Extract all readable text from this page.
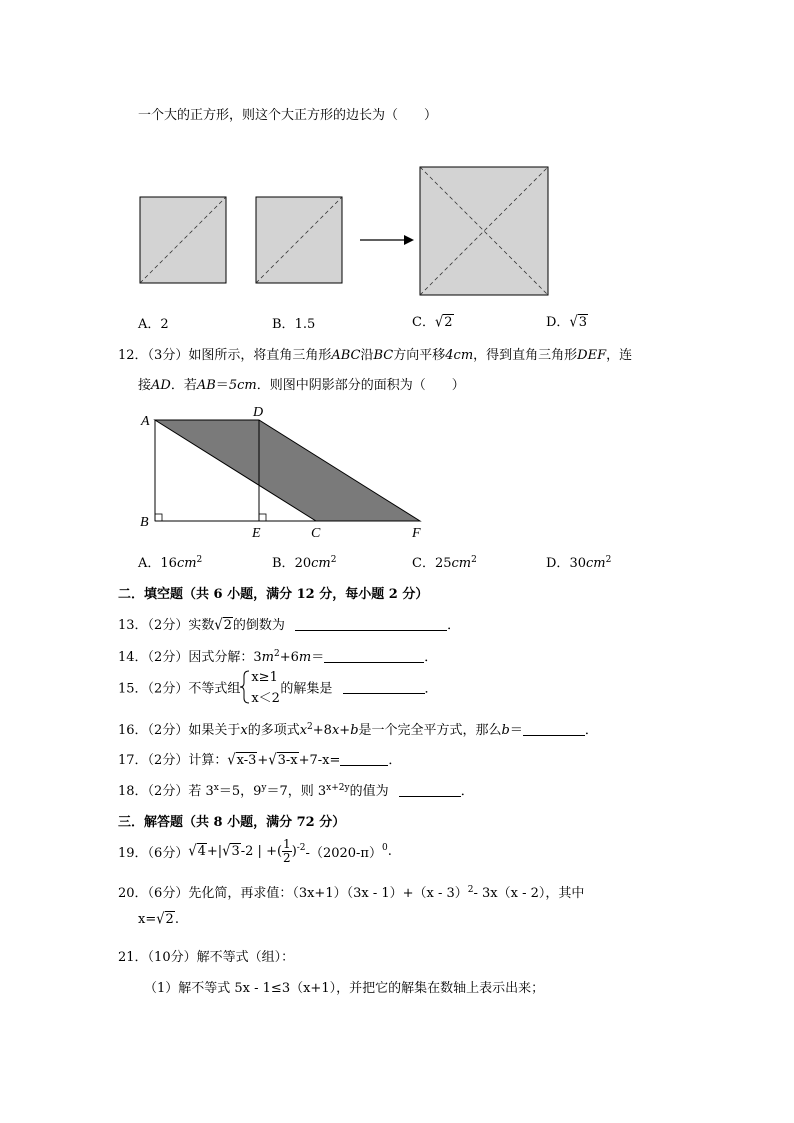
一个大的正方形，则这个大正方形的边长为（　　）
A．2	B．1.5	C．√2	D．√3
12．（3分）如图所示，将直角三角形ABC沿BC方向平移4cm，得到直角三角形DEF，连
接AD．若AB＝5cm．则图中阴影部分的面积为（　　）
A
D
B
E	C	F
A．$16cm^2$	B．$20cm^2$	C．$25cm^2$	D．$30cm^2$
二．填空题（共 6 小题，满分 12 分，每小题 2 分）
13．（2分）实数√2的倒数为	．
14．（2分）因式分解：$3m^2+6m=$	．
15．（2分）不等式组
x≥1
x＜2
的解集是	．
16．（2分）如果关于x的多项式$x^2+8x+b$是一个完全平方式，那么b＝	．
17．（2分）计算：√x-3+√3-x+7-x=	．
18．（2分）若 $3^x=5$，$9^y=7$，则 $3^{x+2y}$的值为	．
三．解答题（共 8 小题，满分 72 分）
19．（6分）√4+|√3-2 | +( $\frac{1}{2} )^{-2}-(2020-\pi)^0$.
20．（6分）先化简，再求值：（3x+1）（3x - 1）+（x - 3）$^2$- 3x（x - 2），其中
x=√2.
21．（10分）解不等式（组）：
（1）解不等式 5x - 1≤3（x+1），并把它的解集在数轴上表示出来；
